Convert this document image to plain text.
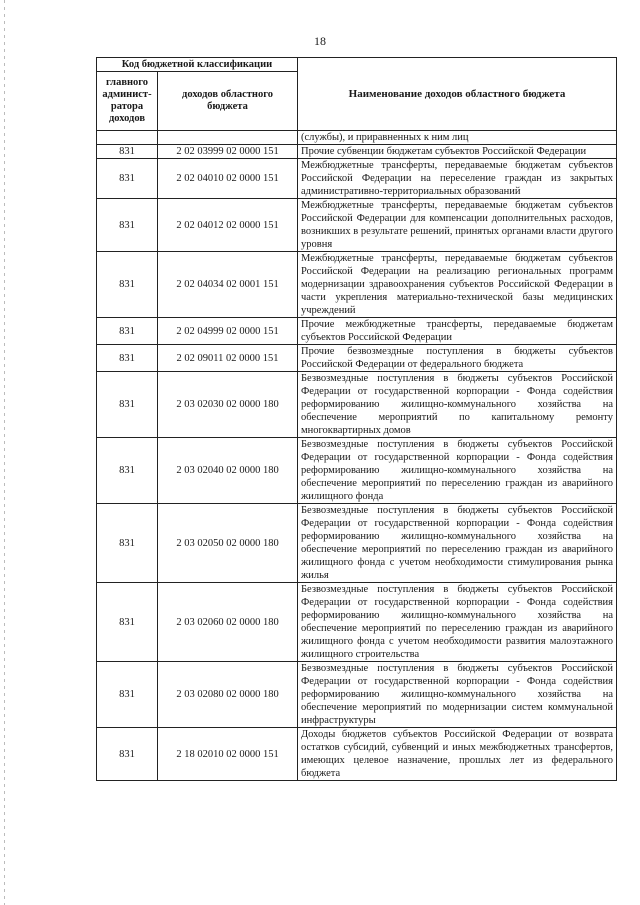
18
Код бюджетной классификации		Наименование доходов областного бюджета
главного админист-ратора доходов	доходов областного бюджета	
		(службы), и приравненных к ним лиц
831	2 02 03999 02 0000 151	Прочие субвенции бюджетам субъектов Российской Федерации
831	2 02 04010 02 0000 151	Межбюджетные трансферты, передаваемые бюджетам субъектов Российской Федерации на переселение граждан из закрытых административно-территориальных образований
831	2 02 04012 02 0000 151	Межбюджетные трансферты, передаваемые бюджетам субъектов Российской Федерации для компенсации дополнительных расходов, возникших в результате решений, принятых органами власти другого уровня
831	2 02 04034 02 0001 151	Межбюджетные трансферты, передаваемые бюджетам субъектов Российской Федерации на реализацию региональных программ модернизации здравоохранения субъектов Российской Федерации в части укрепления материально-технической базы медицинских учреждений
831	2 02 04999 02 0000 151	Прочие межбюджетные трансферты, передаваемые бюджетам субъектов Российской Федерации
831	2 02 09011 02 0000 151	Прочие безвозмездные поступления в бюджеты субъектов Российской Федерации от федерального бюджета
831	2 03 02030 02 0000 180	Безвозмездные поступления в бюджеты субъектов Российской Федерации от государственной корпорации - Фонда содействия реформированию жилищно-коммунального хозяйства на обеспечение мероприятий по капитальному ремонту многоквартирных домов
831	2 03 02040 02 0000 180	Безвозмездные поступления в бюджеты субъектов Российской Федерации от государственной корпорации - Фонда содействия реформированию жилищно-коммунального хозяйства на обеспечение мероприятий по переселению граждан из аварийного жилищного фонда
831	2 03 02050 02 0000 180	Безвозмездные поступления в бюджеты субъектов Российской Федерации от государственной корпорации - Фонда содействия реформированию жилищно-коммунального хозяйства на обеспечение мероприятий по переселению граждан из аварийного жилищного фонда с учетом необходимости стимулирования рынка жилья
831	2 03 02060 02 0000 180	Безвозмездные поступления в бюджеты субъектов Российской Федерации от государственной корпорации - Фонда содействия реформированию жилищно-коммунального хозяйства на обеспечение мероприятий по переселению граждан из аварийного жилищного фонда с учетом необходимости развития малоэтажного жилищного строительства
831	2 03 02080 02 0000 180	Безвозмездные поступления в бюджеты субъектов Российской Федерации от государственной корпорации - Фонда содействия реформированию жилищно-коммунального хозяйства на обеспечение мероприятий по модернизации систем коммунальной инфраструктуры
831	2 18 02010 02 0000 151	Доходы бюджетов субъектов Российской Федерации от возврата остатков субсидий, субвенций и иных межбюджетных трансфертов, имеющих целевое назначение, прошлых лет из федерального бюджета
